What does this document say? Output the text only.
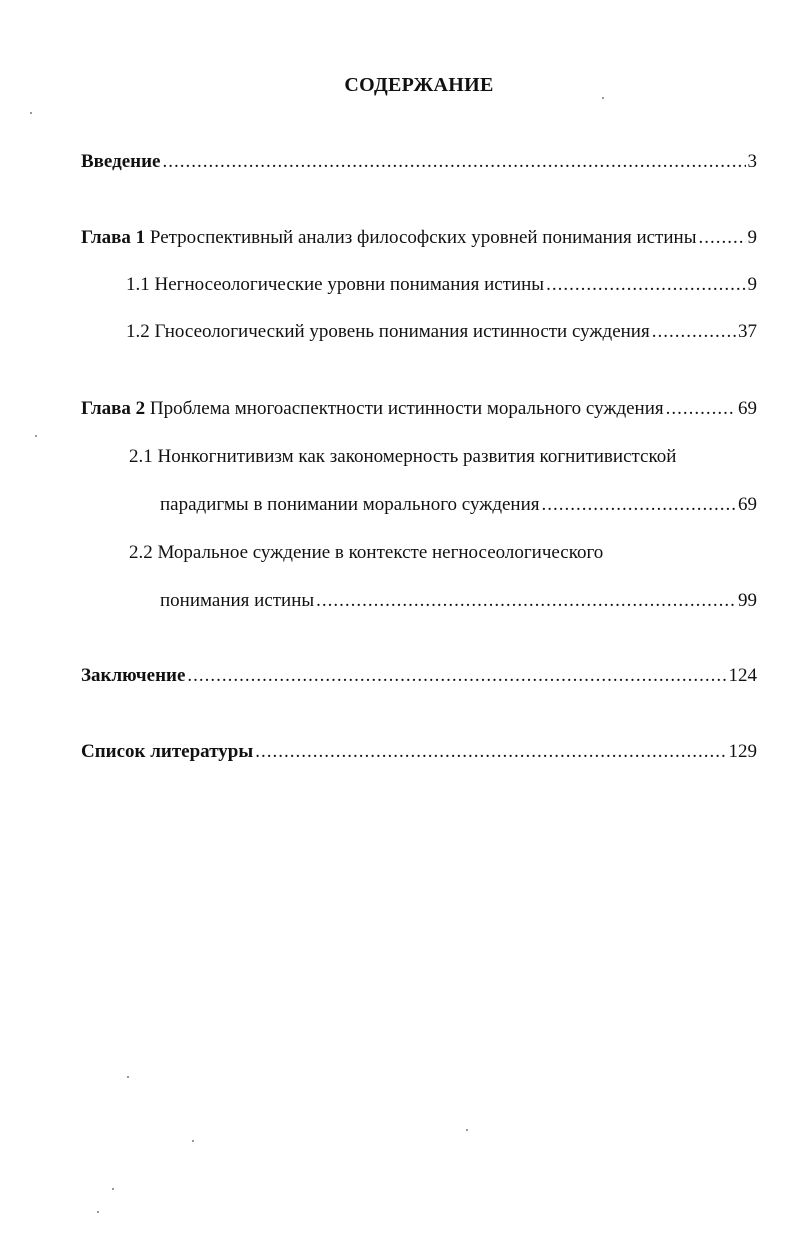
СОДЕРЖАНИЕ
Введение .....	3
Глава 1 Ретроспективный анализ философских уровней понимания истины .....	9
1.1 Негносеологические уровни понимания истины .....	9
1.2 Гносеологический уровень понимания истинности суждения .....	37
Глава 2 Проблема многоаспектности истинности морального суждения .....	69
2.1 Нонкогнитивизм как закономерность развития когнитивистской
парадигмы в понимании морального суждения .....	69
2.2 Моральное суждение в контексте негносеологического
понимания истины .....	99
Заключение .....	124
Список литературы .....	129
